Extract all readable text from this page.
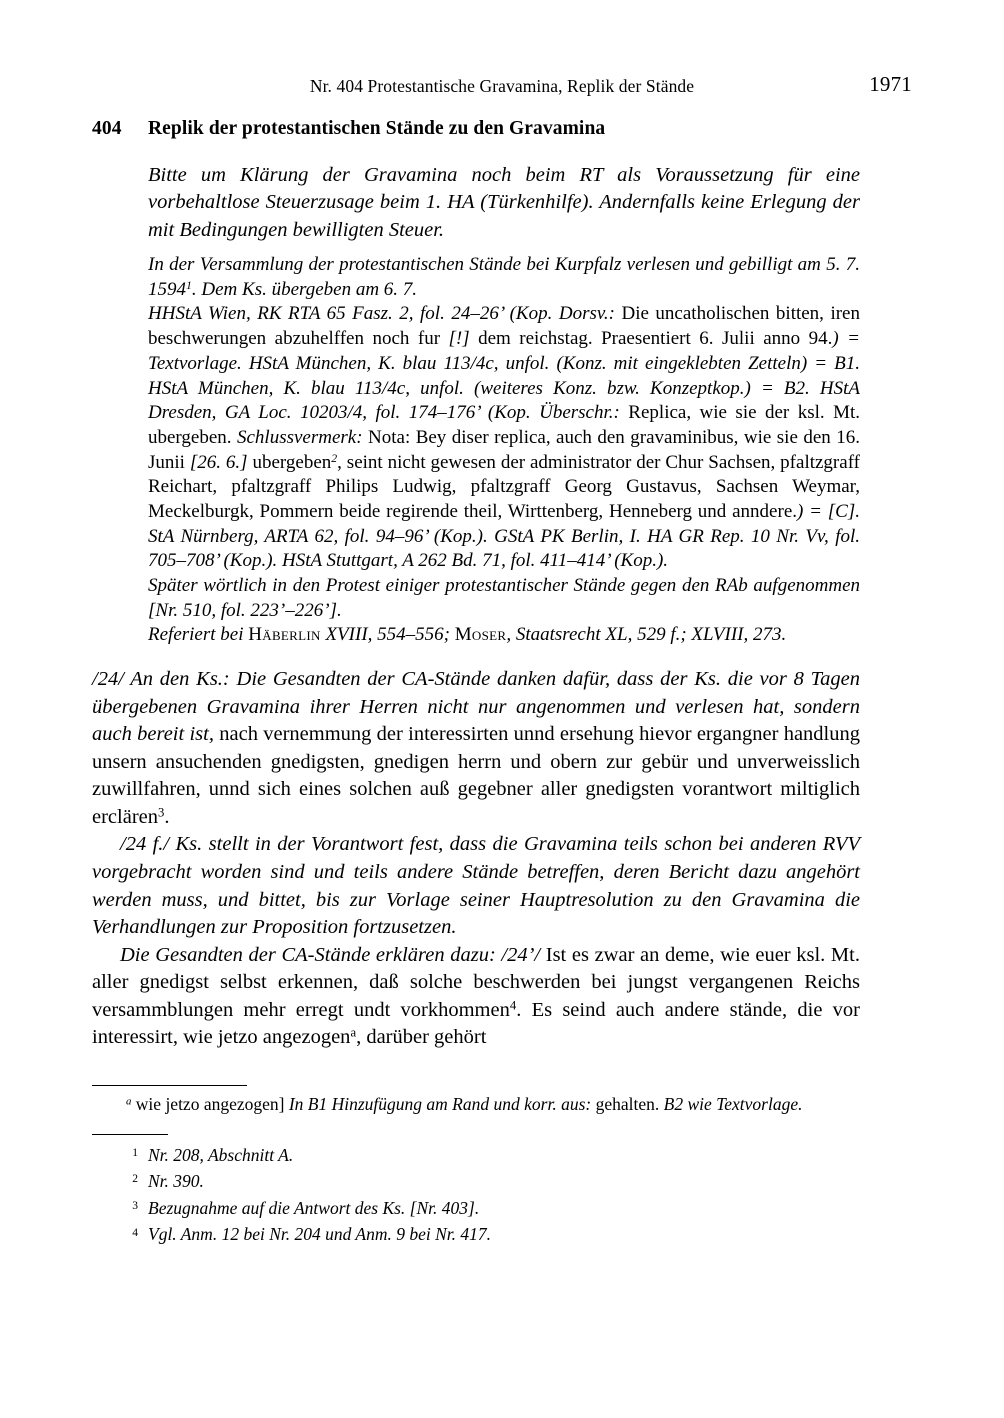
Nr. 404 Protestantische Gravamina, Replik der Stände	1971
404	Replik der protestantischen Stände zu den Gravamina

Bitte um Klärung der Gravamina noch beim RT als Voraussetzung für eine vorbehaltlose Steuerzusage beim 1. HA (Türkenhilfe). Andernfalls keine Erlegung der mit Bedingungen bewilligten Steuer.

In der Versammlung der protestantischen Stände bei Kurpfalz verlesen und gebilligt am 5. 7. 1594$^1$. Dem Ks. übergeben am 6. 7.

HHStA Wien, RK RTA 65 Fasz. 2, fol. 24–26’ (Kop. Dorsv.: Die uncatholischen bitten, iren beschwerungen abzuhelffen noch fur [!] dem reichstag. Praesentiert 6. Julii anno 94.) = Textvorlage. HStA München, K. blau 113/4c, unfol. (Konz. mit eingeklebten Zetteln) = B1. HStA München, K. blau 113/4c, unfol. (weiteres Konz. bzw. Konzeptkop.) = B2. HStA Dresden, GA Loc. 10203/4, fol. 174–176’ (Kop. Überschr.: Replica, wie sie der ksl. Mt. ubergeben. Schlussvermerk: Nota: Bey diser replica, auch den gravaminibus, wie sie den 16. Junii [26. 6.] ubergeben$^2$, seint nicht gewesen der administrator der Chur Sachsen, pfaltzgraff Reichart, pfaltzgraff Philips Ludwig, pfaltzgraff Georg Gustavus, Sachsen Weymar, Meckelburgk, Pommern beide regirende theil, Wirttenberg, Henneberg und anndere.) = [C]. StA Nürnberg, ARTA 62, fol. 94–96’ (Kop.). GStA PK Berlin, I. HA GR Rep. 10 Nr. Vv, fol. 705–708’ (Kop.). HStA Stuttgart, A 262 Bd. 71, fol. 411–414’ (Kop.).

Später wörtlich in den Protest einiger protestantischer Stände gegen den RAb aufgenommen [Nr. 510, fol. 223’–226’].

Referiert bei Häberlin XVIII, 554–556; Moser, Staatsrecht XL, 529 f.; XLVIII, 273.

/24/ An den Ks.: Die Gesandten der CA-Stände danken dafür, dass der Ks. die vor 8 Tagen übergebenen Gravamina ihrer Herren nicht nur angenommen und verlesen hat, sondern auch bereit ist, nach vernemmung der interessirten unnd ersehung hievor ergangner handlung unsern ansuchenden gnedigsten, gnedigen herrn und obern zur gebür und unverweisslich zuwillfahren, unnd sich eines solchen auß gegebner aller gnedigsten vorantwort miltiglich erclären$^3$.

/24 f./ Ks. stellt in der Vorantwort fest, dass die Gravamina teils schon bei anderen RVV vorgebracht worden sind und teils andere Stände betreffen, deren Bericht dazu angehört werden muss, und bittet, bis zur Vorlage seiner Hauptresolution zu den Gravamina die Verhandlungen zur Proposition fortzusetzen.

Die Gesandten der CA-Stände erklären dazu: /24’/ Ist es zwar an deme, wie euer ksl. Mt. aller gnedigst selbst erkennen, daß solche beschwerden bei jungst vergangenen Reichs versammblungen mehr erregt undt vorkhommen$^4$. Es seind auch andere stände, die vor interessirt, wie jetzo angezogen$^a$, darüber gehört

$^a$ wie jetzo angezogen] In B1 Hinzufügung am Rand und korr. aus: gehalten. B2 wie Textvorlage.

1 Nr. 208, Abschnitt A.
2 Nr. 390.
3 Bezugnahme auf die Antwort des Ks. [Nr. 403].
4 Vgl. Anm. 12 bei Nr. 204 und Anm. 9 bei Nr. 417.
